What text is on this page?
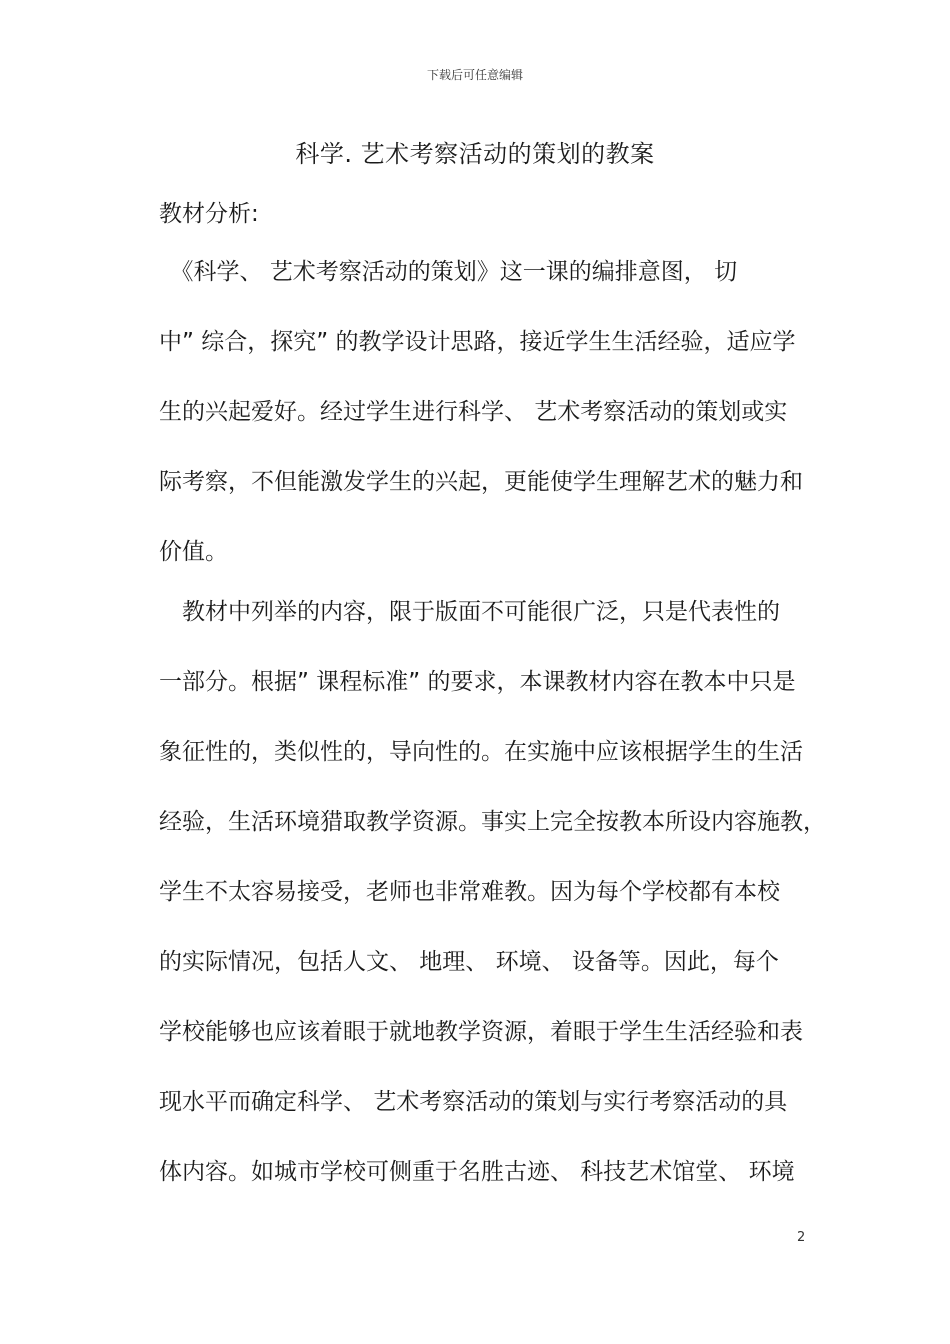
下载后可任意编辑
科学. 艺术考察活动的策划的教案
教材分析:
　《科学、 艺术考察活动的策划》这一课的编排意图， 切
中” 综合，探究” 的教学设计思路，接近学生生活经验，适应学
生的兴起爱好。经过学生进行科学、 艺术考察活动的策划或实
际考察，不但能激发学生的兴起，更能使学生理解艺术的魅力和
价值。
　教材中列举的内容，限于版面不可能很广泛，只是代表性的
一部分。根据” 课程标准” 的要求，本课教材内容在教本中只是
象征性的，类似性的，导向性的。在实施中应该根据学生的生活
经验，生活环境猎取教学资源。事实上完全按教本所设内容施教，
学生不太容易接受，老师也非常难教。因为每个学校都有本校
的实际情况，包括人文、 地理、 环境、 设备等。因此，每个
学校能够也应该着眼于就地教学资源，着眼于学生生活经验和表
现水平而确定科学、 艺术考察活动的策划与实行考察活动的具
体内容。如城市学校可侧重于名胜古迹、 科技艺术馆堂、 环境
2
